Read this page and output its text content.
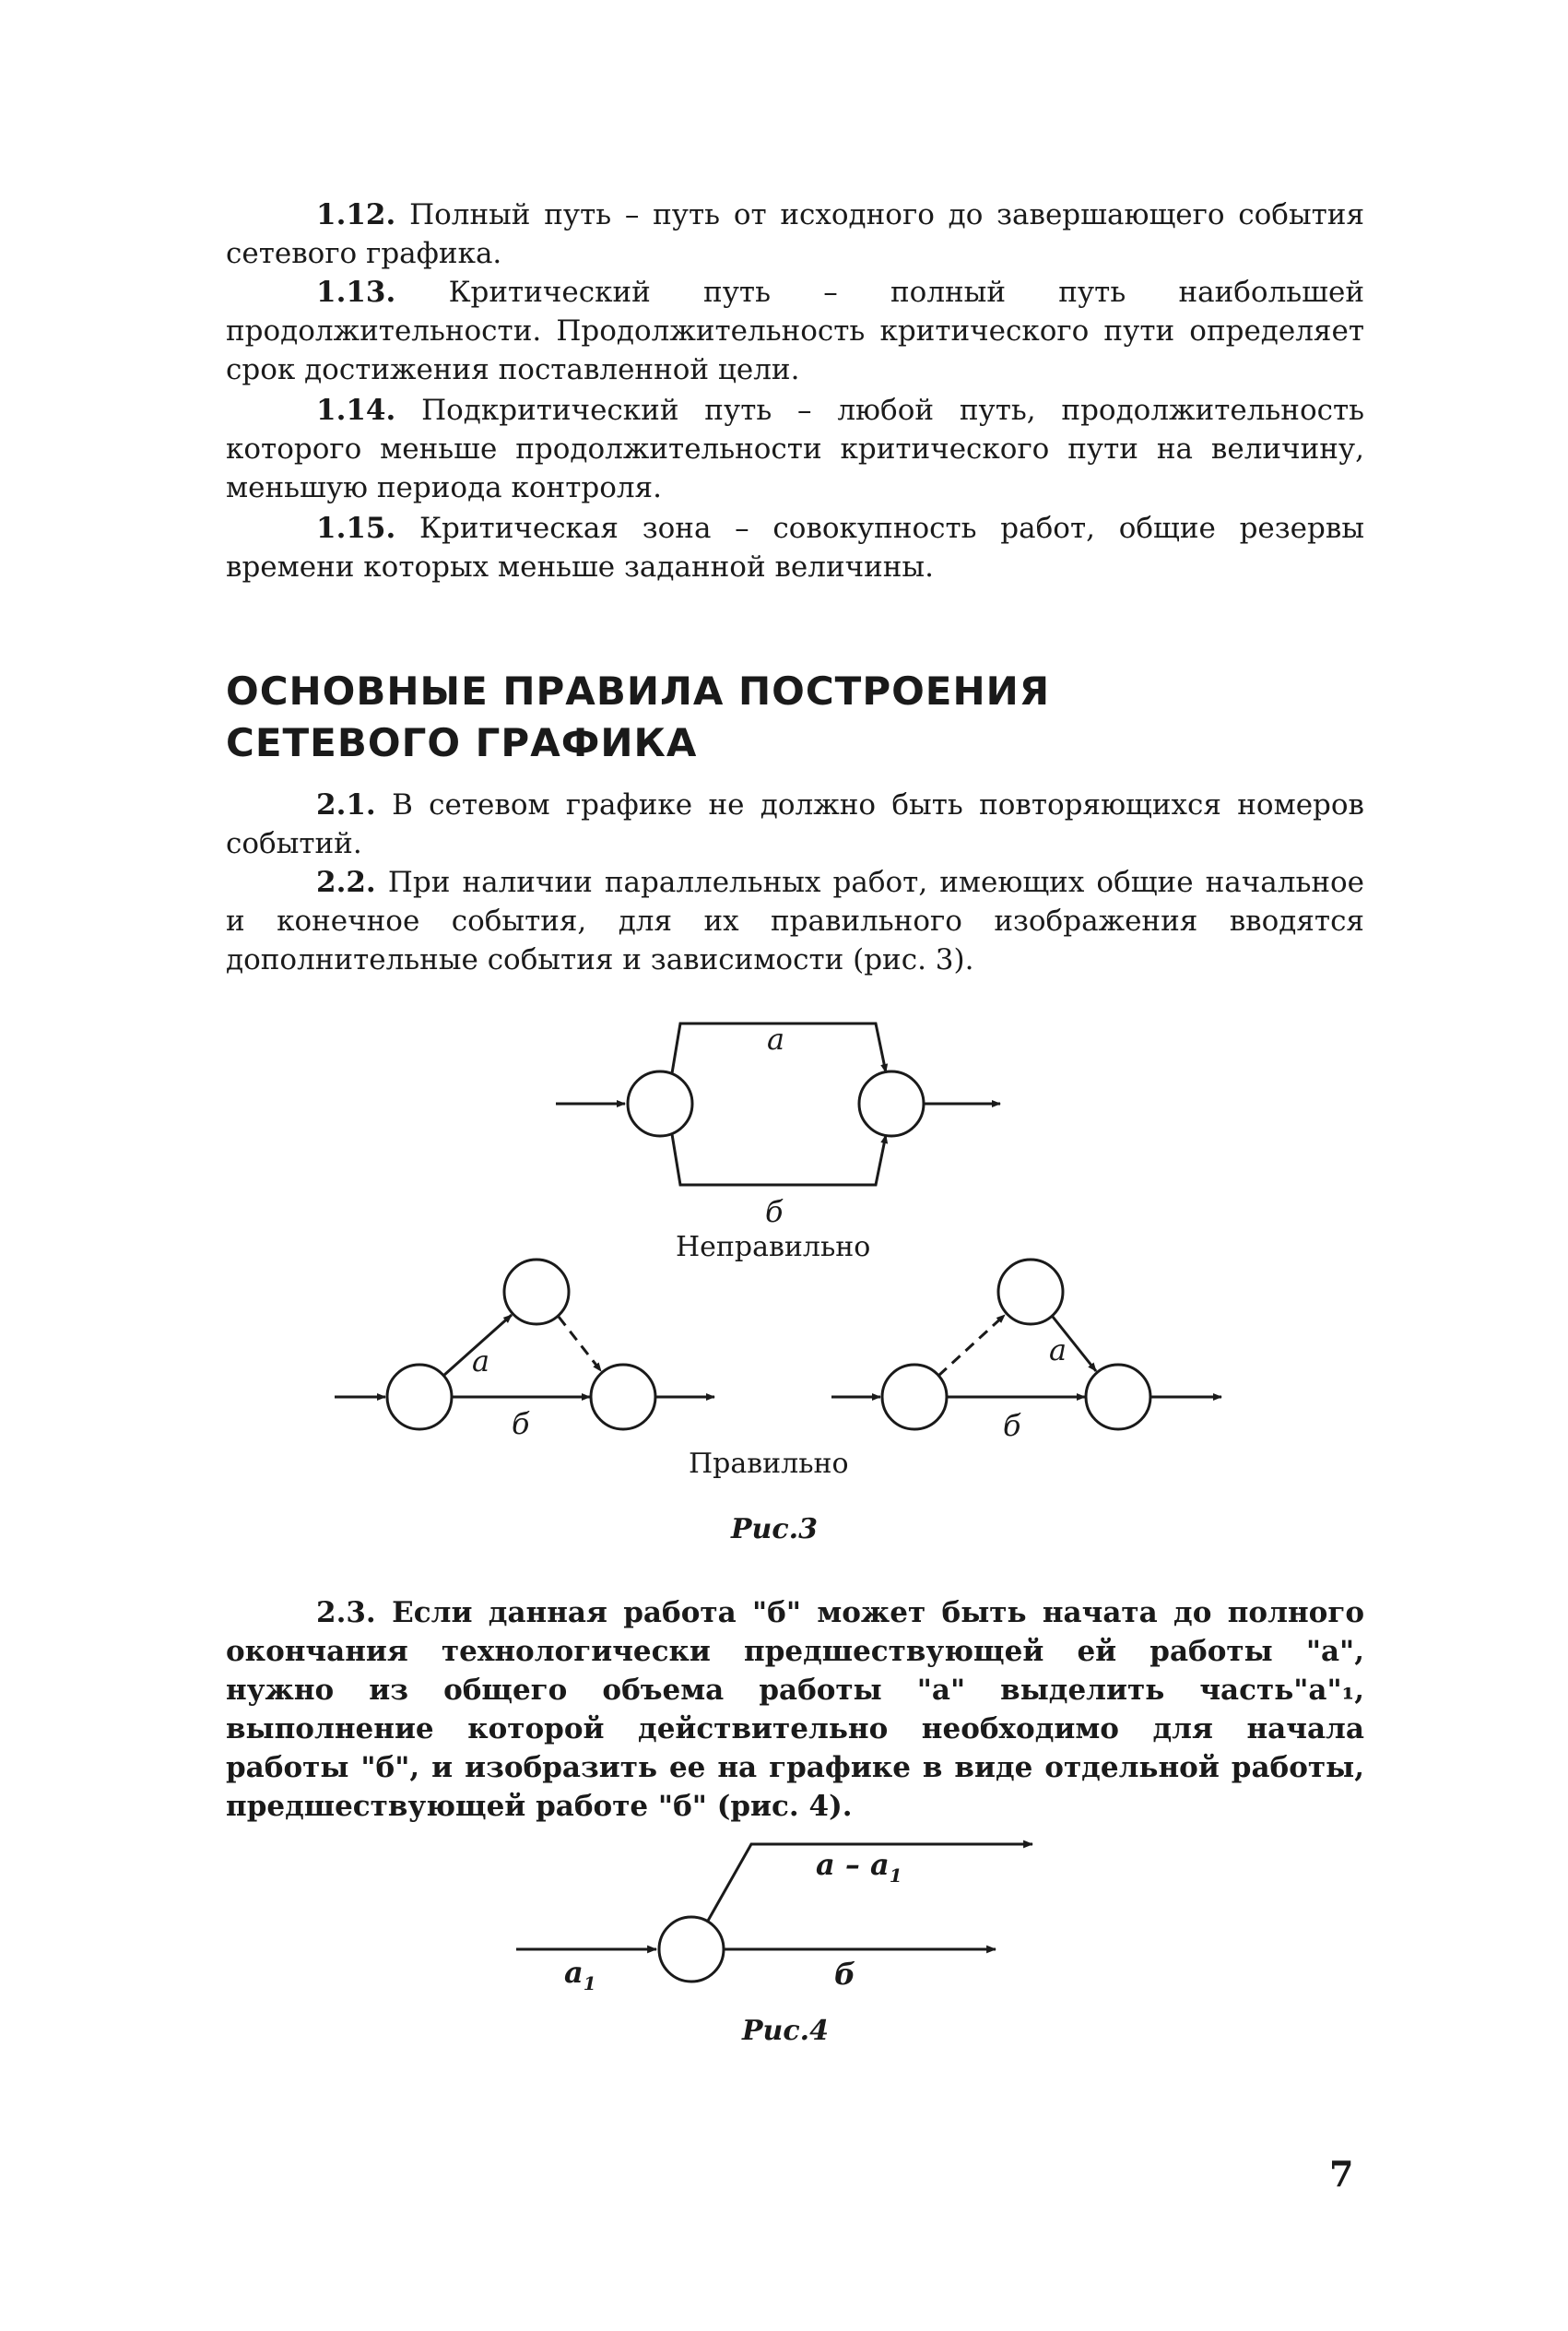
1.12. Полный путь – путь от исходного до завершающего события сетевого графика.
1.13. Критический путь – полный путь наибольшей продолжительности. Продолжительность критического пути определяет срок достижения поставленной цели.
1.14. Подкритический путь – любой путь, продолжительность которого меньше продолжительности критического пути на величину, меньшую периода контроля.
1.15. Критическая зона – совокупность работ, общие резервы времени которых меньше заданной величины.
ОСНОВНЫЕ ПРАВИЛА ПОСТРОЕНИЯ
СЕТЕВОГО ГРАФИКА
2.1. В сетевом графике не должно быть повторяющихся номеров событий.
2.2. При наличии параллельных работ, имеющих общие начальное и конечное события, для их правильного изображения вводятся дополнительные события и зависимости (рис. 3).
a
б
a
б
a
б
Неправильно
Правильно
Рис.3
2.3. Если данная работа "б" может быть начата до полного окончания технологически предшествующей ей работы "а", нужно из общего объема работы "а" выделить часть"а"₁, выполнение которой действительно необходимо для начала работы "б", и изобразить ее на графике в виде отдельной работы, предшествующей работе "б" (рис. 4).
a – $a_1$
$a_1$	б
Рис.4
7
